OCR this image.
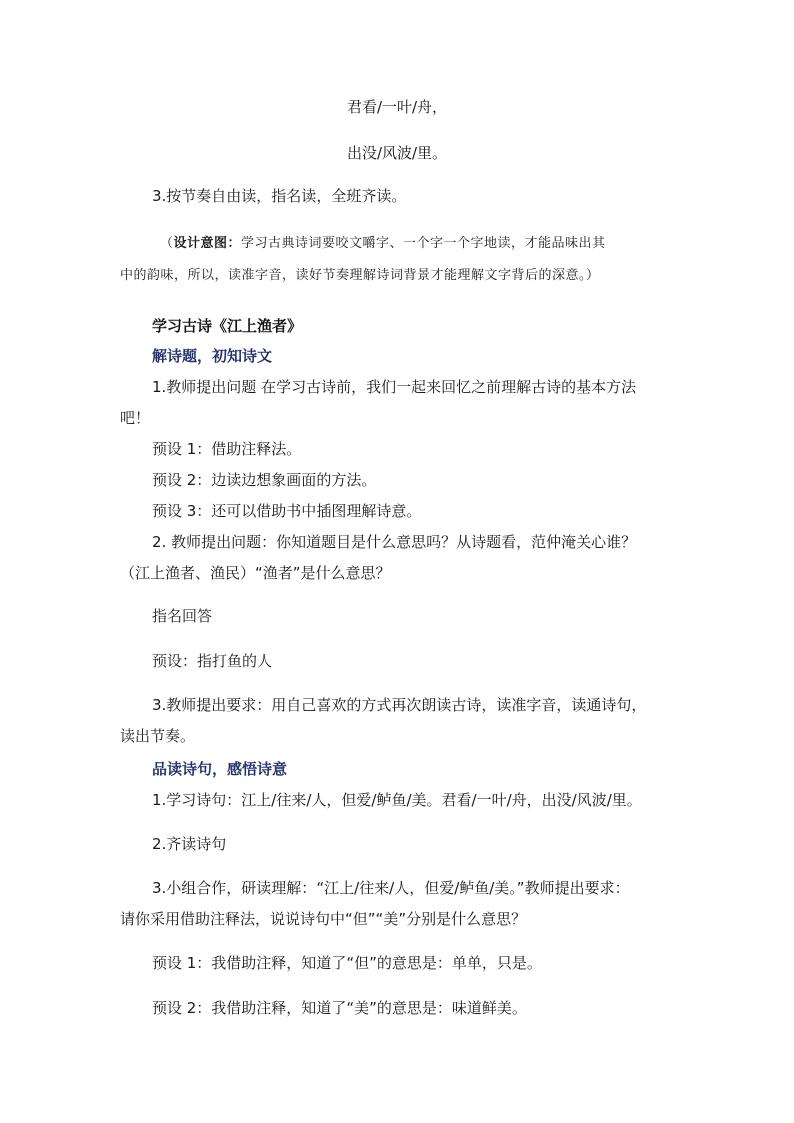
君看/一叶/舟，
出没/风波/里。
3.按节奏自由读，指名读，全班齐读。
（设计意图：学习古典诗词要咬文嚼字、一个字一个字地读，才能品味出其
中的韵味，所以，读准字音，读好节奏理解诗词背景才能理解文字背后的深意。）
学习古诗《江上渔者》
解诗题，初知诗文
1.教师提出问题 在学习古诗前，我们一起来回忆之前理解古诗的基本方法
吧！
预设 1：借助注释法。
预设 2：边读边想象画面的方法。
预设 3：还可以借助书中插图理解诗意。
2. 教师提出问题：你知道题目是什么意思吗？从诗题看，范仲淹关心谁？
（江上渔者、渔民）“渔者”是什么意思？
指名回答
预设：指打鱼的人
3.教师提出要求：用自己喜欢的方式再次朗读古诗，读准字音，读通诗句，
读出节奏。
品读诗句，感悟诗意
1.学习诗句：江上/往来/人，但爱/鲈鱼/美。君看/一叶/舟，出没/风波/里。
2.齐读诗句
3.小组合作，研读理解：“江上/往来/人，但爱/鲈鱼/美。”教师提出要求：
请你采用借助注释法，说说诗句中“但”“美”分别是什么意思？
预设 1：我借助注释，知道了“但”的意思是：单单，只是。
预设 2：我借助注释，知道了“美”的意思是：味道鲜美。
